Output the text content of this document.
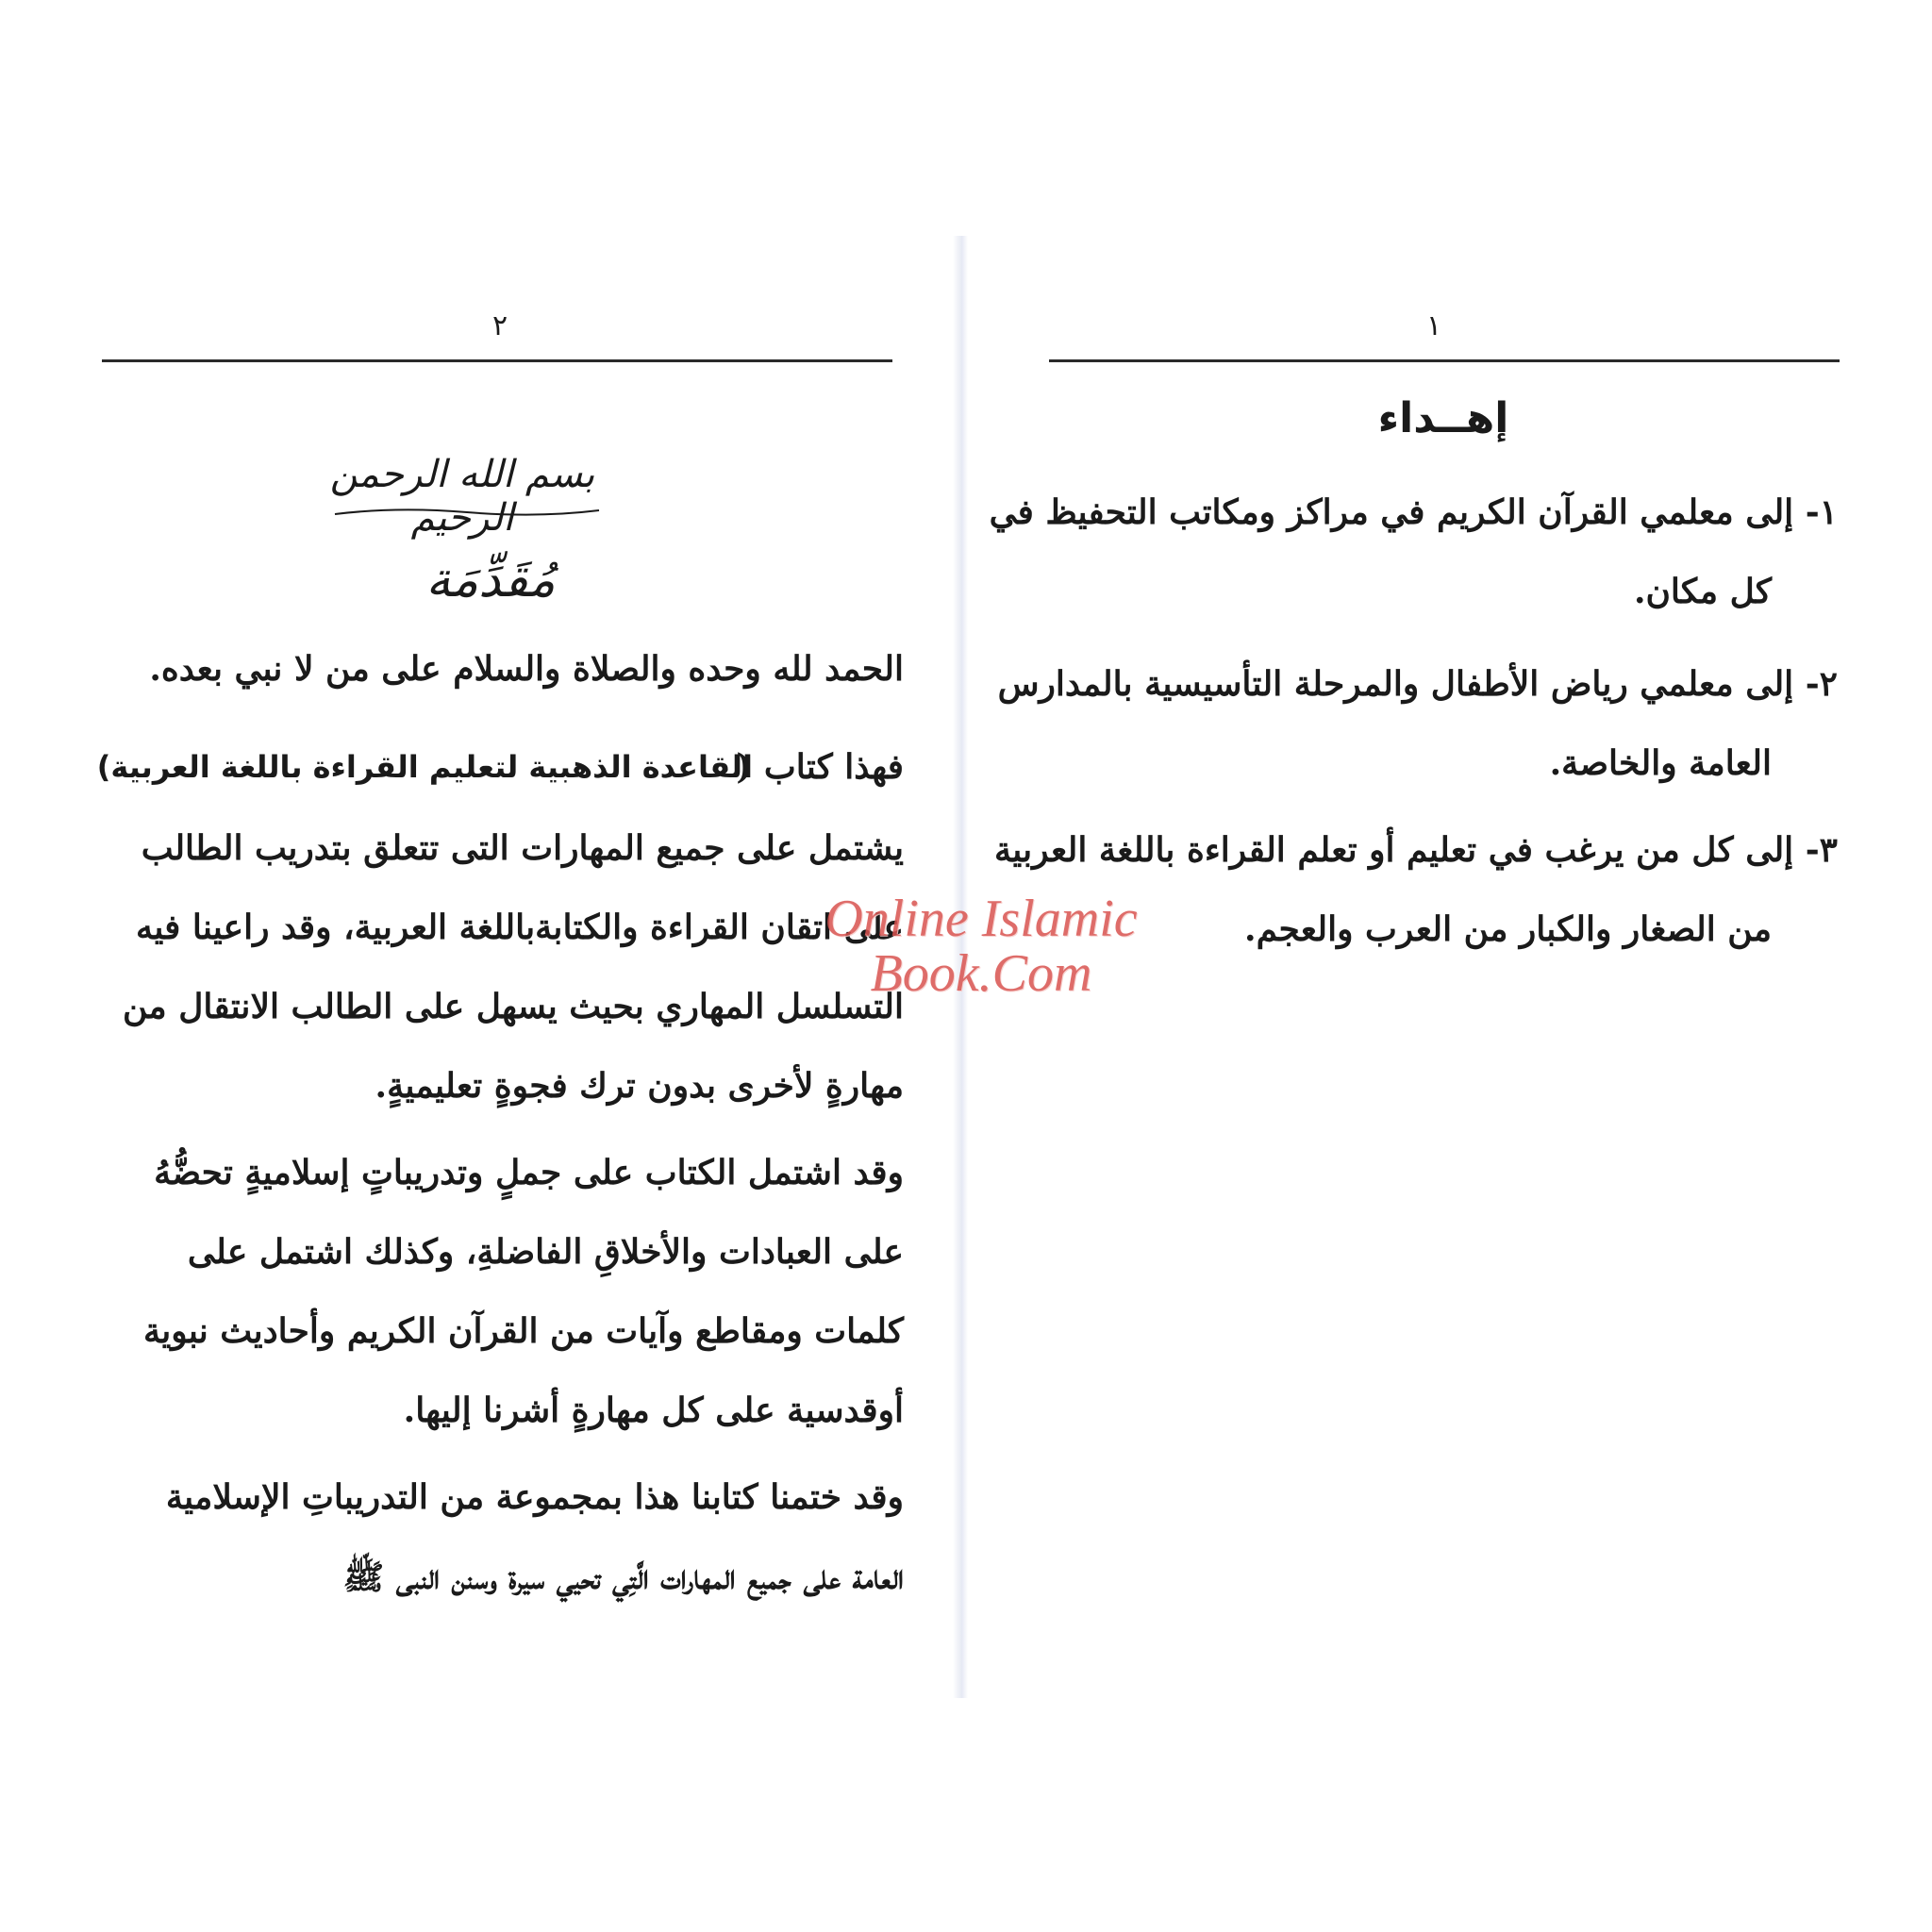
٢
بسم الله الرحمن الرحيم
مُقَدِّمَة
الحمد لله وحده والصلاة والسلام على من لا نبي بعده.
فهذا كتاب (
القاعدة الذهبية لتعليم القراءة باللغة العربية)
يشتمل على جميع المهارات التى تتعلق بتدريب الطالب
على اتقان القراءة والكتابةباللغة العربية، وقد راعينا فيه
التسلسل المهاري بحيث يسهل على الطالب الانتقال من
مهارةٍ لأخرى بدون ترك فجوةٍ تعليميةٍ.
وقد اشتمل الكتاب على جملٍ وتدريباتٍ إسلاميةٍ تحضُّهُ
على العبادات والأخلاقِ الفاضلةِ، وكذلك اشتمل على
كلمات ومقاطع وآيات من القرآن الكريم وأحاديث نبوية
أوقدسية على كل مهارةٍ أشرنا إليها.
وقد ختمنا كتابنا هذا بمجموعة من التدريباتِ الإسلامية
العامة على جميع المهارات الَّتِي تحيي سيرة وسنن النبى ﷺ
١
إهــداء
١- إلى معلمي القرآن الكريم في مراكز ومكاتب التحفيظ في
كل مكان.
٢- إلى معلمي رياض الأطفال والمرحلة التأسيسية بالمدارس
العامة والخاصة.
٣- إلى كل من يرغب في تعليم أو تعلم القراءة باللغة العربية
من الصغار والكبار من العرب والعجم.
Online Islamic
Book.Com
